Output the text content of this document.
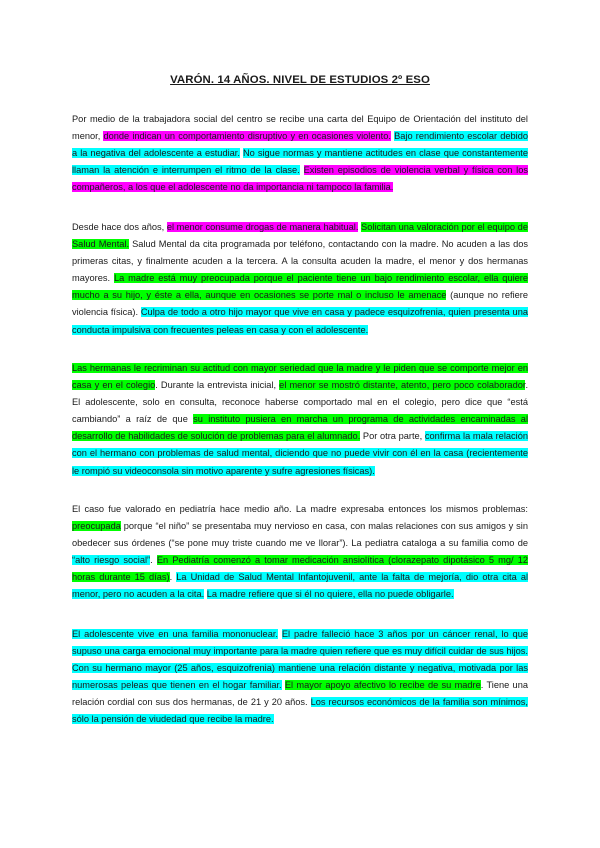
VARÓN. 14 AÑOS. NIVEL DE ESTUDIOS 2º ESO

Por medio de la trabajadora social del centro se recibe una carta del Equipo de Orientación del instituto del menor, donde indican un comportamiento disruptivo y en ocasiones violento. Bajo rendimiento escolar debido a la negativa del adolescente a estudiar. No sigue normas y mantiene actitudes en clase que constantemente llaman la atención e interrumpen el ritmo de la clase. Existen episodios de violencia verbal y física con los compañeros, a los que el adolescente no da importancia ni tampoco la familia.

Desde hace dos años, el menor consume drogas de manera habitual. Solicitan una valoración por el equipo de Salud Mental. Salud Mental da cita programada por teléfono, contactando con la madre. No acuden a las dos primeras citas, y finalmente acuden a la tercera. A la consulta acuden la madre, el menor y dos hermanas mayores. La madre está muy preocupada porque el paciente tiene un bajo rendimiento escolar, ella quiere mucho a su hijo, y éste a ella, aunque en ocasiones se porte mal o incluso le amenace (aunque no refiere violencia física). Culpa de todo a otro hijo mayor que vive en casa y padece esquizofrenia, quien presenta una conducta impulsiva con frecuentes peleas en casa y con el adolescente.

Las hermanas le recriminan su actitud con mayor seriedad que la madre y le piden que se comporte mejor en casa y en el colegio. Durante la entrevista inicial, el menor se mostró distante, atento, pero poco colaborador. El adolescente, solo en consulta, reconoce haberse comportado mal en el colegio, pero dice que “está cambiando” a raíz de que su instituto pusiera en marcha un programa de actividades encaminadas al desarrollo de habilidades de solución de problemas para el alumnado. Por otra parte, confirma la mala relación con el hermano con problemas de salud mental, diciendo que no puede vivir con él en la casa (recientemente le rompió su videoconsola sin motivo aparente y sufre agresiones físicas).

El caso fue valorado en pediatría hace medio año. La madre expresaba entonces los mismos problemas: preocupada porque “el niño” se presentaba muy nervioso en casa, con malas relaciones con sus amigos y sin obedecer sus órdenes (“se pone muy triste cuando me ve llorar”). La pediatra cataloga a su familia como de “alto riesgo social”. En Pediatría comenzó a tomar medicación ansiolítica (clorazepato dipotásico 5 mg/ 12 horas durante 15 días). La Unidad de Salud Mental Infantojuvenil, ante la falta de mejoría, dio otra cita al menor, pero no acuden a la cita. La madre refiere que si él no quiere, ella no puede obligarle.

El adolescente vive en una familia mononuclear. El padre falleció hace 3 años por un cáncer renal, lo que supuso una carga emocional muy importante para la madre quien refiere que es muy difícil cuidar de sus hijos. Con su hermano mayor (25 años, esquizofrenia) mantiene una relación distante y negativa, motivada por las numerosas peleas que tienen en el hogar familiar. El mayor apoyo afectivo lo recibe de su madre. Tiene una relación cordial con sus dos hermanas, de 21 y 20 años. Los recursos económicos de la familia son mínimos, sólo la pensión de viudedad que recibe la madre.
